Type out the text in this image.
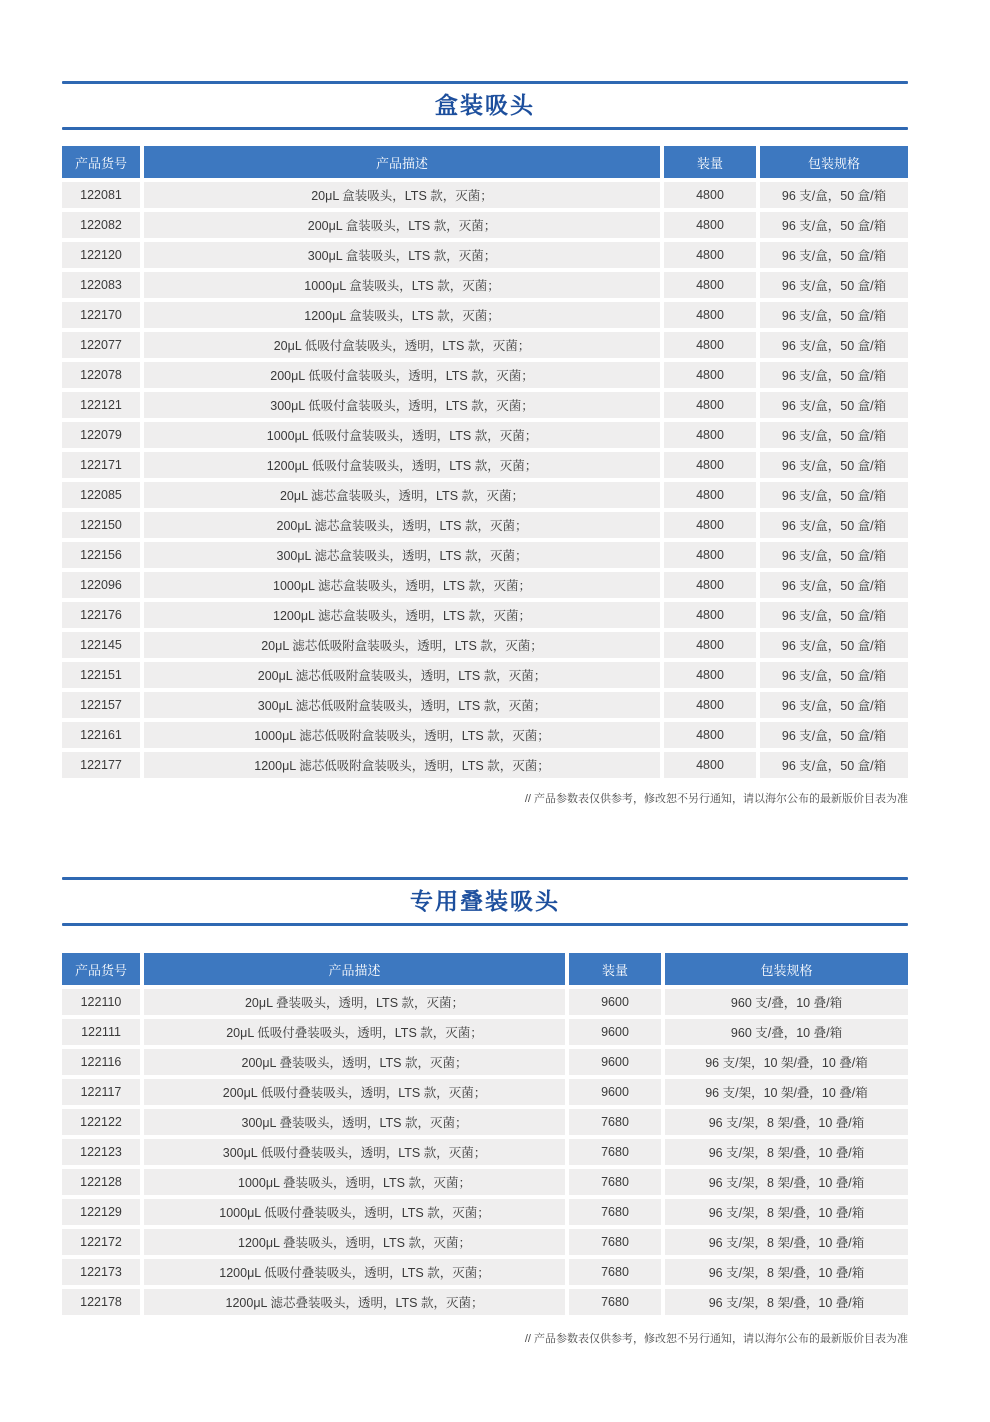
盒装吸头
产品货号	产品描述	装量	包装规格
122081	20μL 盒装吸头，LTS 款，灭菌；	4800	96 支/盒，50 盒/箱
122082	200μL 盒装吸头，LTS 款，灭菌；	4800	96 支/盒，50 盒/箱
122120	300μL 盒装吸头，LTS 款，灭菌；	4800	96 支/盒，50 盒/箱
122083	1000μL 盒装吸头，LTS 款，灭菌；	4800	96 支/盒，50 盒/箱
122170	1200μL 盒装吸头，LTS 款，灭菌；	4800	96 支/盒，50 盒/箱
122077	20μL 低吸付盒装吸头，透明，LTS 款，灭菌；	4800	96 支/盒，50 盒/箱
122078	200μL 低吸付盒装吸头，透明，LTS 款，灭菌；	4800	96 支/盒，50 盒/箱
122121	300μL 低吸付盒装吸头，透明，LTS 款，灭菌；	4800	96 支/盒，50 盒/箱
122079	1000μL 低吸付盒装吸头，透明，LTS 款，灭菌；	4800	96 支/盒，50 盒/箱
122171	1200μL 低吸付盒装吸头，透明，LTS 款，灭菌；	4800	96 支/盒，50 盒/箱
122085	20μL 滤芯盒装吸头，透明，LTS 款，灭菌；	4800	96 支/盒，50 盒/箱
122150	200μL 滤芯盒装吸头，透明，LTS 款，灭菌；	4800	96 支/盒，50 盒/箱
122156	300μL 滤芯盒装吸头，透明，LTS 款，灭菌；	4800	96 支/盒，50 盒/箱
122096	1000μL 滤芯盒装吸头，透明，LTS 款，灭菌；	4800	96 支/盒，50 盒/箱
122176	1200μL 滤芯盒装吸头，透明，LTS 款，灭菌；	4800	96 支/盒，50 盒/箱
122145	20μL 滤芯低吸附盒装吸头，透明，LTS 款，灭菌；	4800	96 支/盒，50 盒/箱
122151	200μL 滤芯低吸附盒装吸头，透明，LTS 款，灭菌；	4800	96 支/盒，50 盒/箱
122157	300μL 滤芯低吸附盒装吸头，透明，LTS 款，灭菌；	4800	96 支/盒，50 盒/箱
122161	1000μL 滤芯低吸附盒装吸头，透明，LTS 款，灭菌；	4800	96 支/盒，50 盒/箱
122177	1200μL 滤芯低吸附盒装吸头，透明，LTS 款，灭菌；	4800	96 支/盒，50 盒/箱
// 产品参数表仅供参考，修改恕不另行通知，请以海尔公布的最新版价目表为准
专用叠装吸头
产品货号	产品描述	装量	包装规格
122110	20μL 叠装吸头，透明，LTS 款，灭菌；	9600	960 支/叠，10 叠/箱
122111	20μL 低吸付叠装吸头，透明，LTS 款，灭菌；	9600	960 支/叠，10 叠/箱
122116	200μL 叠装吸头，透明，LTS 款，灭菌；	9600	96 支/架，10 架/叠，10 叠/箱
122117	200μL 低吸付叠装吸头，透明，LTS 款，灭菌；	9600	96 支/架，10 架/叠，10 叠/箱
122122	300μL 叠装吸头，透明，LTS 款，灭菌；	7680	96 支/架，8 架/叠，10 叠/箱
122123	300μL 低吸付叠装吸头，透明，LTS 款，灭菌；	7680	96 支/架，8 架/叠，10 叠/箱
122128	1000μL 叠装吸头，透明，LTS 款，灭菌；	7680	96 支/架，8 架/叠，10 叠/箱
122129	1000μL 低吸付叠装吸头，透明，LTS 款，灭菌；	7680	96 支/架，8 架/叠，10 叠/箱
122172	1200μL 叠装吸头，透明，LTS 款，灭菌；	7680	96 支/架，8 架/叠，10 叠/箱
122173	1200μL 低吸付叠装吸头，透明，LTS 款，灭菌；	7680	96 支/架，8 架/叠，10 叠/箱
122178	1200μL 滤芯叠装吸头，透明，LTS 款，灭菌；	7680	96 支/架，8 架/叠，10 叠/箱
// 产品参数表仅供参考，修改恕不另行通知，请以海尔公布的最新版价目表为准
